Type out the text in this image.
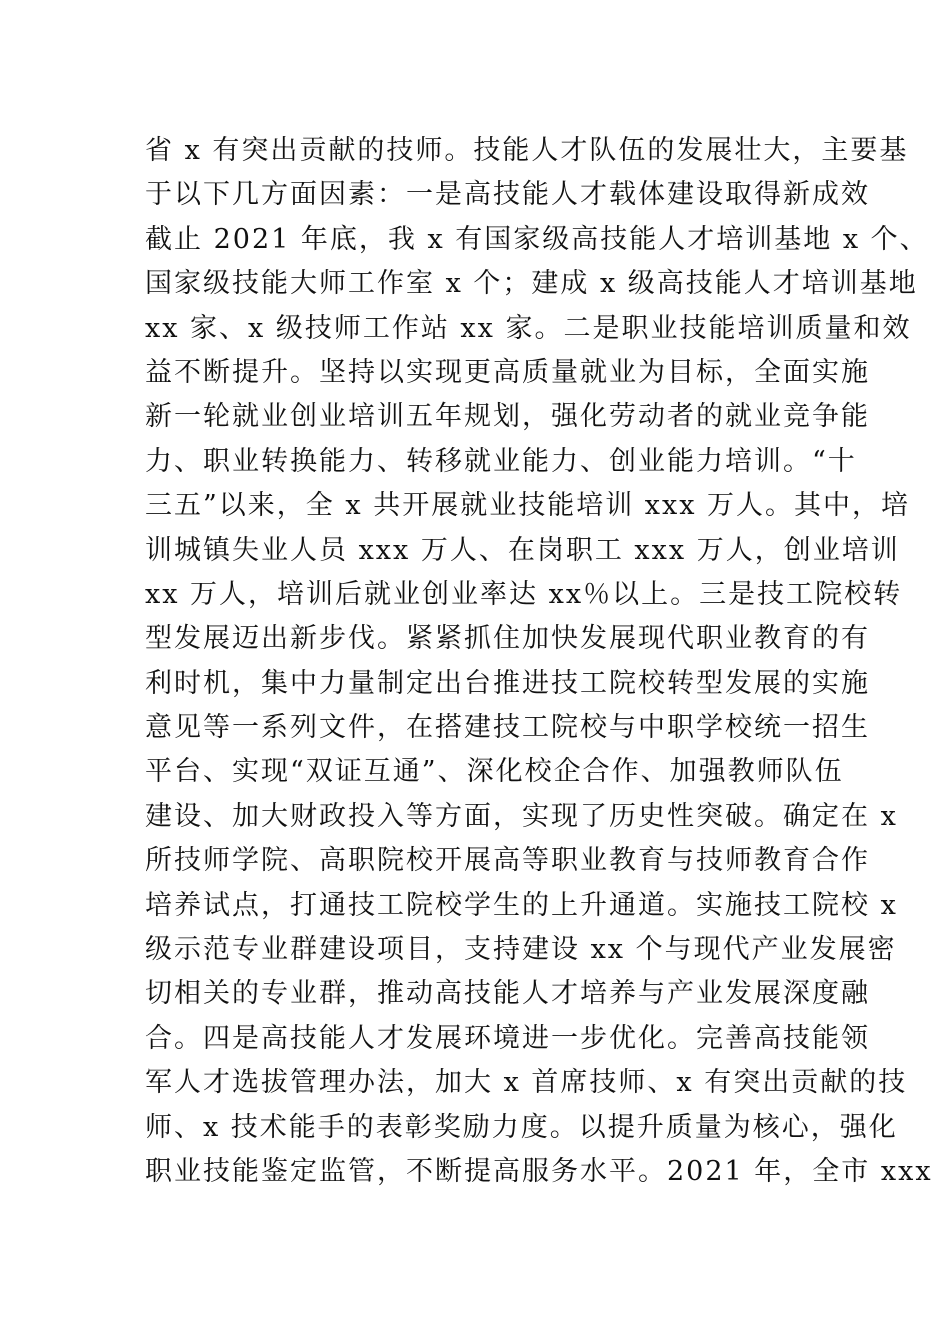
省 x 有突出贡献的技师。技能人才队伍的发展壮大，主要基
于以下几方面因素：一是高技能人才载体建设取得新成效
截止 2021 年底，我 x 有国家级高技能人才培训基地 x 个、
国家级技能大师工作室 x 个；建成 x 级高技能人才培训基地
xx 家、x 级技师工作站 xx 家。二是职业技能培训质量和效
益不断提升。坚持以实现更高质量就业为目标，全面实施
新一轮就业创业培训五年规划，强化劳动者的就业竞争能
力、职业转换能力、转移就业能力、创业能力培训。“十
三五”以来，全 x 共开展就业技能培训 xxx 万人。其中，培
训城镇失业人员 xxx 万人、在岗职工 xxx 万人，创业培训
xx 万人，培训后就业创业率达 xx％以上。三是技工院校转
型发展迈出新步伐。紧紧抓住加快发展现代职业教育的有
利时机，集中力量制定出台推进技工院校转型发展的实施
意见等一系列文件，在搭建技工院校与中职学校统一招生
平台、实现“双证互通”、深化校企合作、加强教师队伍
建设、加大财政投入等方面，实现了历史性突破。确定在 x
所技师学院、高职院校开展高等职业教育与技师教育合作
培养试点，打通技工院校学生的上升通道。实施技工院校 x
级示范专业群建设项目，支持建设 xx 个与现代产业发展密
切相关的专业群，推动高技能人才培养与产业发展深度融
合。四是高技能人才发展环境进一步优化。完善高技能领
军人才选拔管理办法，加大 x 首席技师、x 有突出贡献的技
师、x 技术能手的表彰奖励力度。以提升质量为核心，强化
职业技能鉴定监管，不断提高服务水平。2021 年，全市 xxx
